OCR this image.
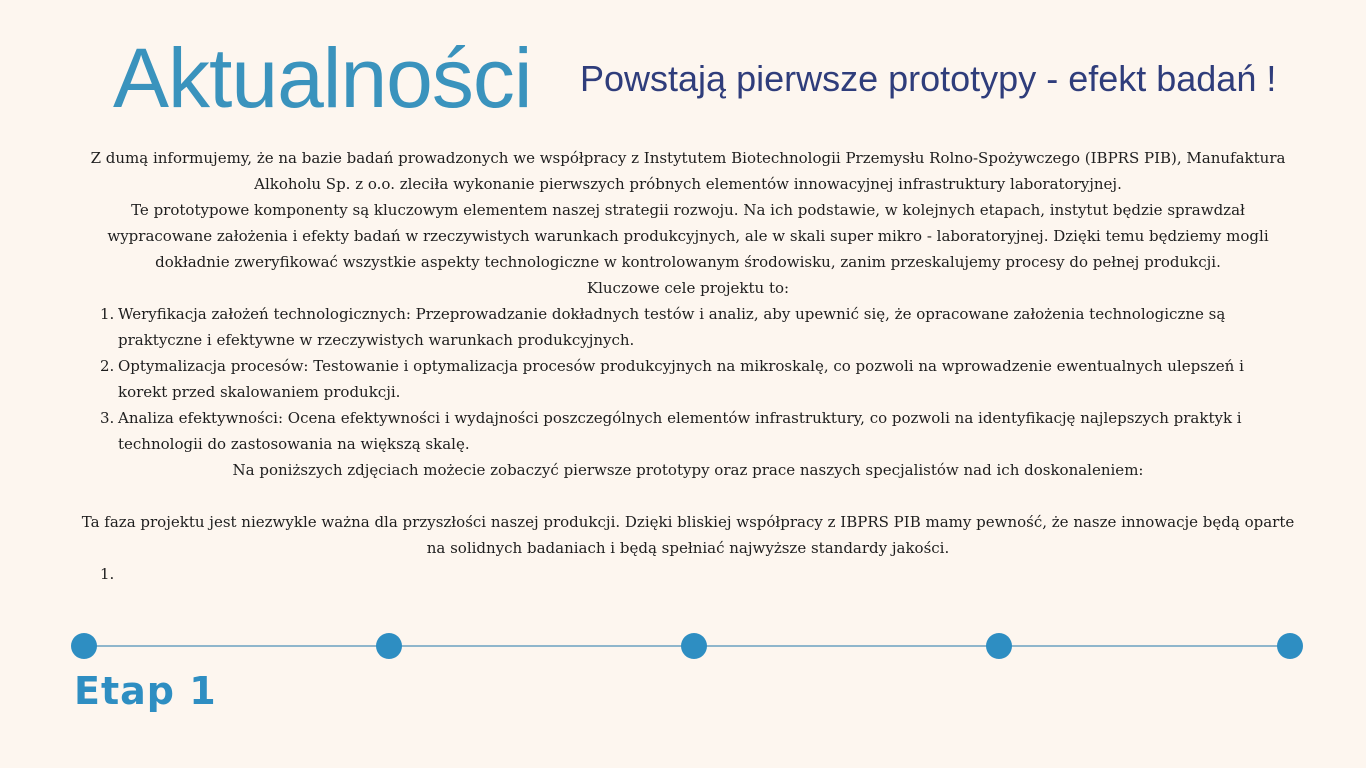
Aktualności Powstają pierwsze prototypy - efekt badań !

Z dumą informujemy, że na bazie badań prowadzonych we współpracy z Instytutem Biotechnologii Przemysłu Rolno-Spożywczego (IBPRS PIB), Manufaktura Alkoholu Sp. z o.o. zleciła wykonanie pierwszych próbnych elementów innowacyjnej infrastruktury laboratoryjnej.

Te prototypowe komponenty są kluczowym elementem naszej strategii rozwoju. Na ich podstawie, w kolejnych etapach, instytut będzie sprawdzał wypracowane założenia i efekty badań w rzeczywistych warunkach produkcyjnych, ale w skali super mikro - laboratoryjnej. Dzięki temu będziemy mogli dokładnie zweryfikować wszystkie aspekty technologiczne w kontrolowanym środowisku, zanim przeskalujemy procesy do pełnej produkcji.

Kluczowe cele projektu to:

1. Weryfikacja założeń technologicznych: Przeprowadzanie dokładnych testów i analiz, aby upewnić się, że opracowane założenia technologiczne są praktyczne i efektywne w rzeczywistych warunkach produkcyjnych.
2. Optymalizacja procesów: Testowanie i optymalizacja procesów produkcyjnych na mikroskalę, co pozwoli na wprowadzenie ewentualnych ulepszeń i korekt przed skalowaniem produkcji.
3. Analiza efektywności: Ocena efektywności i wydajności poszczególnych elementów infrastruktury, co pozwoli na identyfikację najlepszych praktyk i technologii do zastosowania na większą skalę.

Na poniższych zdjęciach możecie zobaczyć pierwsze prototypy oraz prace naszych specjalistów nad ich doskonaleniem:

Ta faza projektu jest niezwykle ważna dla przyszłości naszej produkcji. Dzięki bliskiej współpracy z IBPRS PIB mamy pewność, że nasze innowacje będą oparte na solidnych badaniach i będą spełniać najwyższe standardy jakości.

1.

Etap 1
